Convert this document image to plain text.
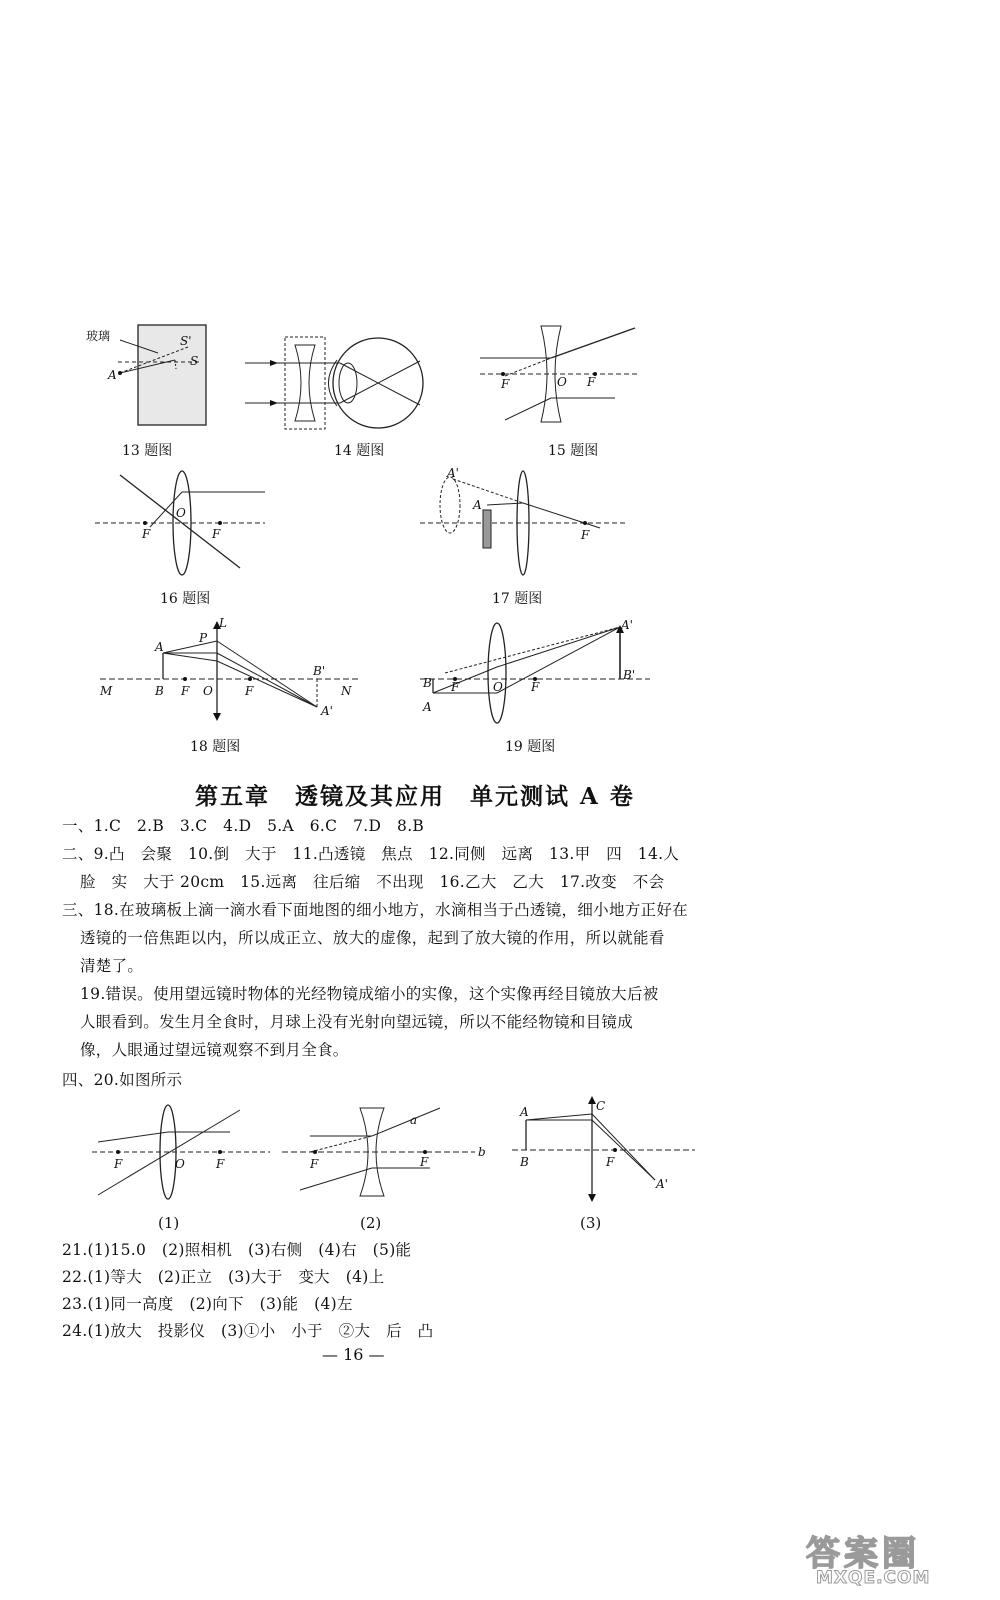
玻璃	S'
S
A
13 题图	14 题图
F	O F
15 题图
F
O
F
16 题图
A'
A
F
17 题图
L
P
A
B'
M	B F O	F	N
A'
18 题图
A'
B F	O F
B'
A
19 题图
第五章　透镜及其应用　单元测试 A 卷
一、1.C　2.B　3.C　4.D　5.A　6.C　7.D　8.B
二、9.凸　会聚　10.倒　大于　11.凸透镜　焦点　12.同侧　远离　13.甲　四　14.人
脸　实　大于 20cm　15.远离　往后缩　不出现　16.乙大　乙大　17.改变　不会
三、18.在玻璃板上滴一滴水看下面地图的细小地方，水滴相当于凸透镜，细小地方正好在
透镜的一倍焦距以内，所以成正立、放大的虚像，起到了放大镜的作用，所以就能看
清楚了。
19.错误。使用望远镜时物体的光经物镜成缩小的实像，这个实像再经目镜放大后被
人眼看到。发生月全食时，月球上没有光射向望远镜，所以不能经物镜和目镜成
像，人眼通过望远镜观察不到月全食。
四、20.如图所示
F	O	F
(1)
a
F	F
b
(2)
A	C
B	F
A'
(3)
21.(1)15.0　(2)照相机　(3)右侧　(4)右　(5)能
22.(1)等大　(2)正立　(3)大于　变大　(4)上
23.(1)同一高度　(2)向下　(3)能　(4)左
24.(1)放大　投影仪　(3)①小　小于　②大　后　凸
— 16 —
答案圈
MXQE.COM
